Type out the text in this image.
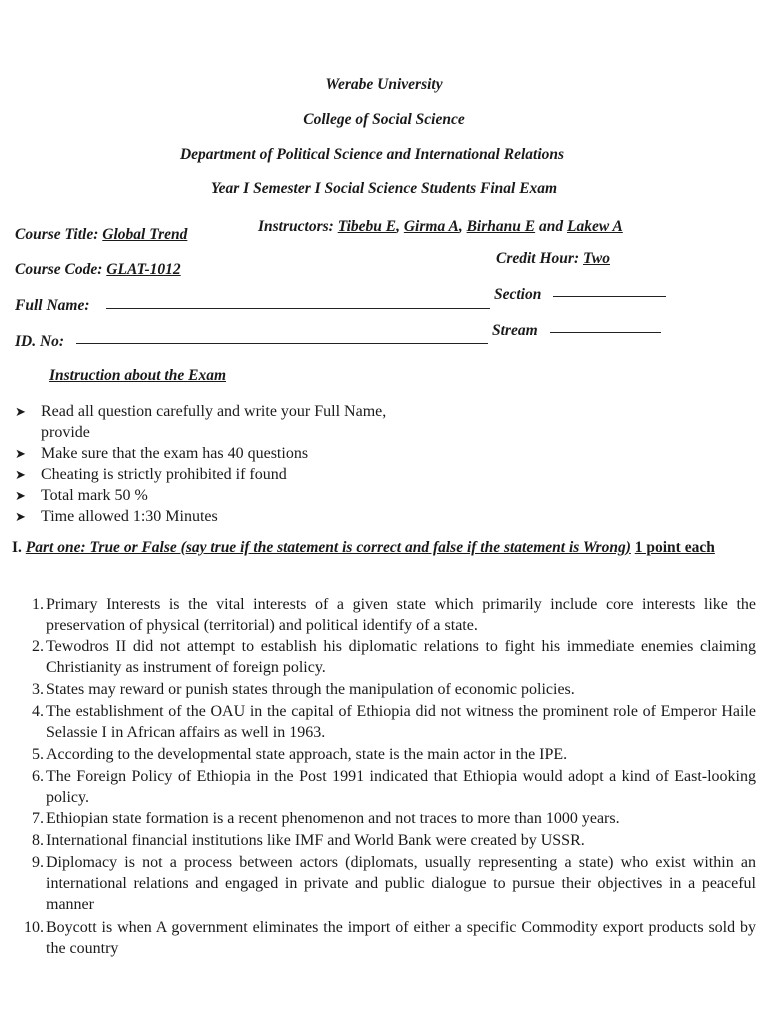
Werabe University
College of Social Science
Department of Political Science and International Relations
Year I Semester I Social Science Students Final Exam
Course Title: Global Trend	Instructors: Tibebu E, Girma A, Birhanu E and Lakew A
Course Code: GLAT-1012
Credit Hour: Two
Full Name:
Section
ID. No:
Stream
Instruction about the Exam
➤ Read all question carefully and write your Full Name,
provide
➤ Make sure that the exam has 40 questions
➤ Cheating is strictly prohibited if found
➤ Total mark 50 %
➤ Time allowed 1:30 Minutes
I. Part one: True or False (say true if the statement is correct and false if the statement is Wrong) 1 point each
1. Primary Interests is the vital interests of a given state which primarily include core interests like the preservation of physical (territorial) and political identify of a state.
2. Tewodros II did not attempt to establish his diplomatic relations to fight his immediate enemies claiming Christianity as instrument of foreign policy.
3. States may reward or punish states through the manipulation of economic policies.
4. The establishment of the OAU in the capital of Ethiopia did not witness the prominent role of Emperor Haile Selassie I in African affairs as well in 1963.
5. According to the developmental state approach, state is the main actor in the IPE.
6. The Foreign Policy of Ethiopia in the Post 1991 indicated that Ethiopia would adopt a kind of East-looking policy.
7. Ethiopian state formation is a recent phenomenon and not traces to more than 1000 years.
8. International financial institutions like IMF and World Bank were created by USSR.
9. Diplomacy is not a process between actors (diplomats, usually representing a state) who exist within an international relations and engaged in private and public dialogue to pursue their objectives in a peaceful manner
10. Boycott is when A government eliminates the import of either a specific Commodity export products sold by the country
